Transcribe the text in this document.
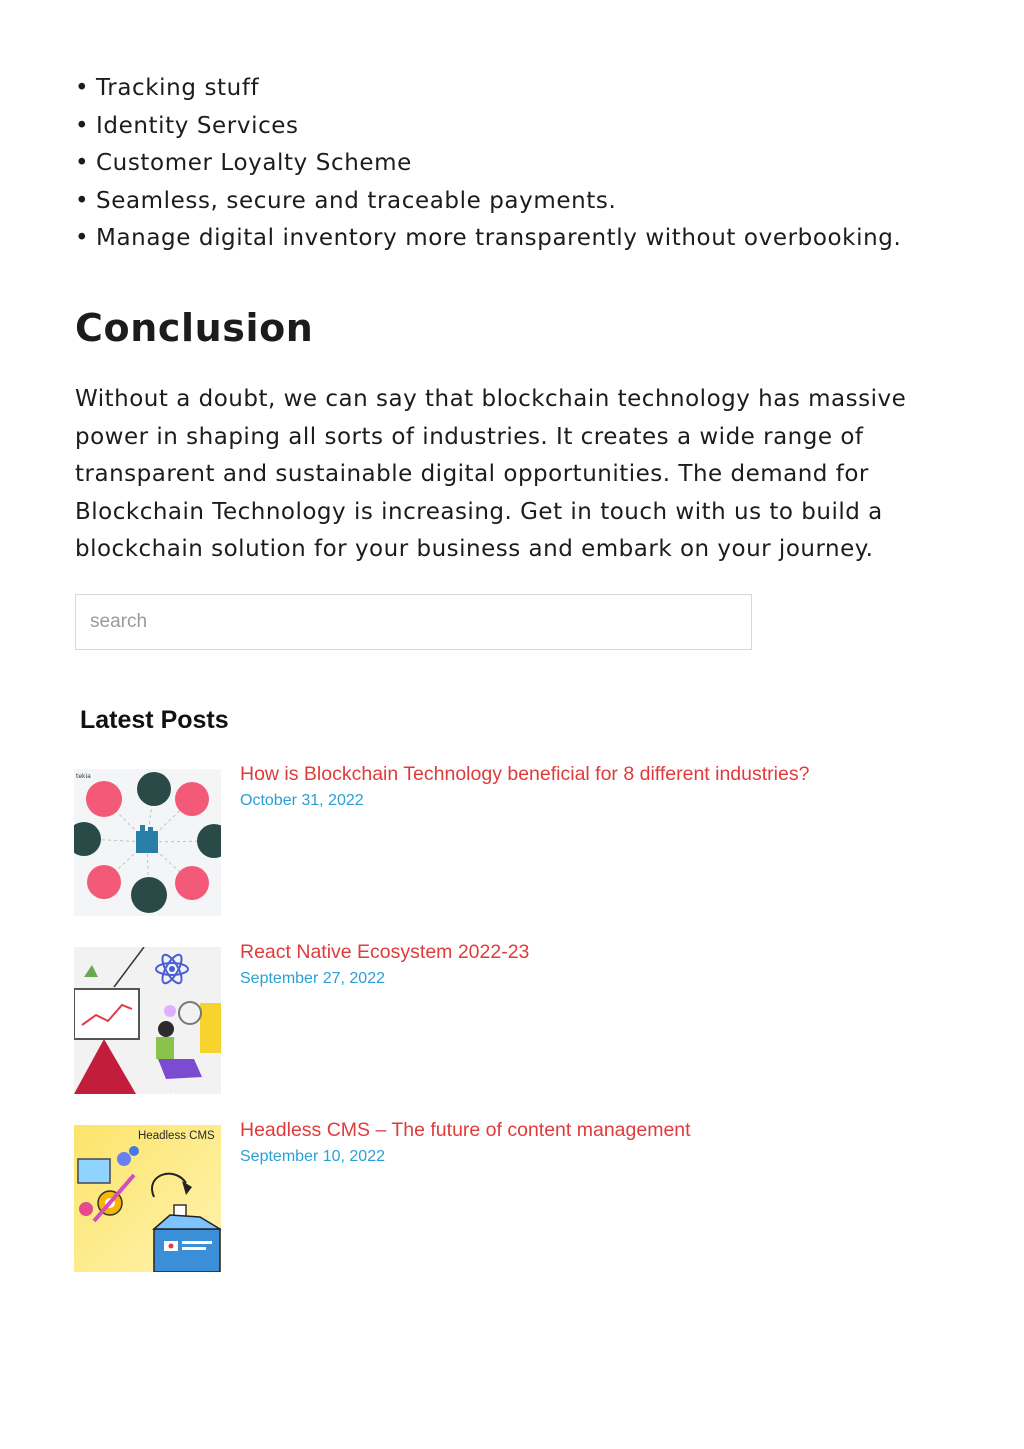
• Tracking stuff
• Identity Services
• Customer Loyalty Scheme
• Seamless, secure and traceable payments.
• Manage digital inventory more transparently without overbooking.
Conclusion

Without a doubt, we can say that blockchain technology has massive power in shaping all sorts of industries. It creates a wide range of transparent and sustainable digital opportunities. The demand for Blockchain Technology is increasing. Get in touch with us to build a blockchain solution for your business and embark on your journey.

search
Latest Posts
tekia	How is Blockchain Technology beneficial for 8 different industries?
October 31, 2022
.
React Native Ecosystem 2022-23
September 27, 2022
Headless CMS Headless CMS – The future of content management
September 10, 2022
